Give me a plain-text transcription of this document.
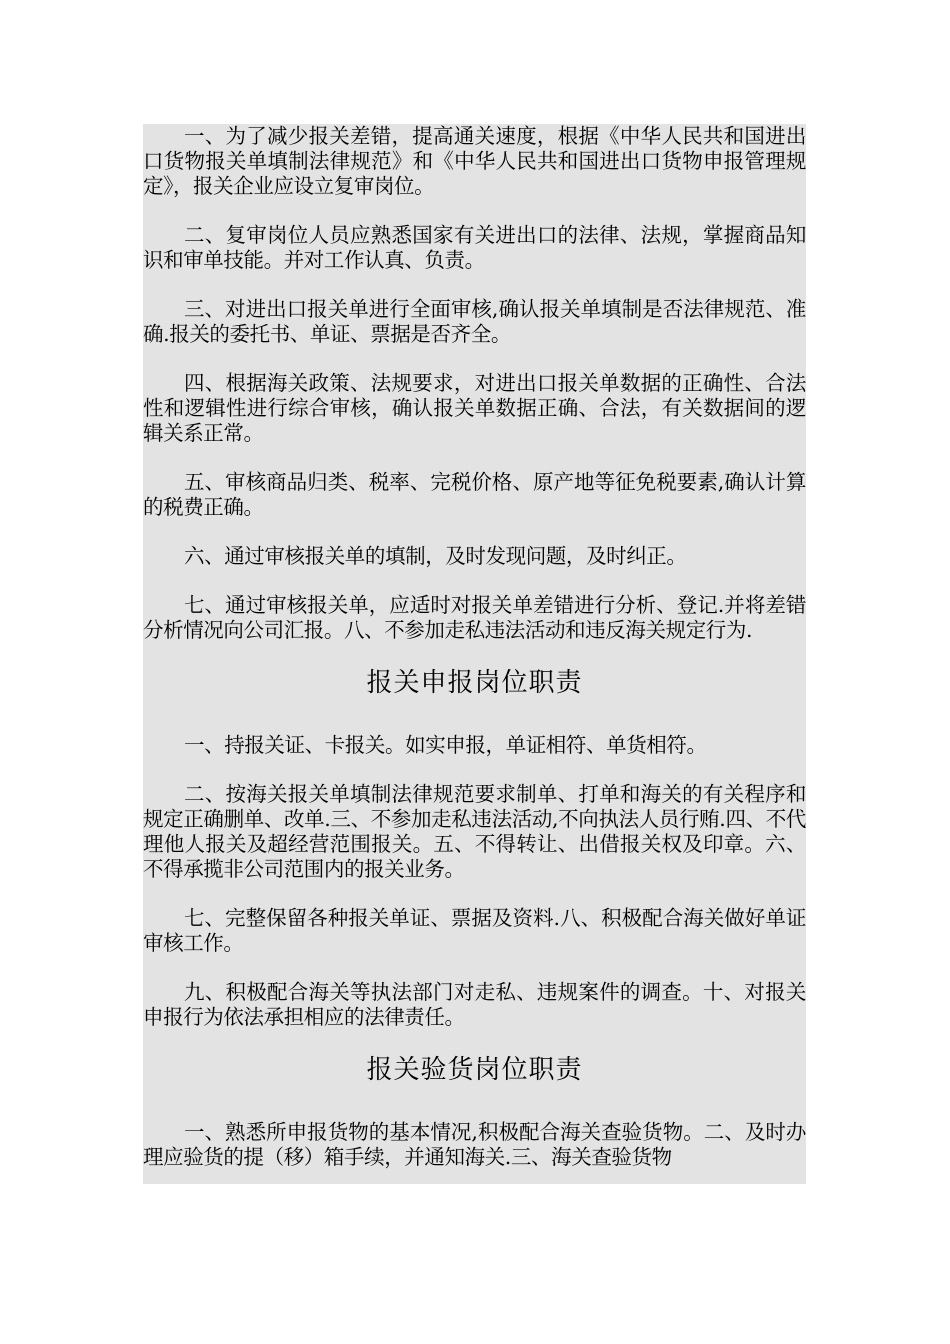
一、为了减少报关差错，提高通关速度，根据《中华人民共和国进出口货物报关单填制法律规范》和《中华人民共和国进出口货物申报管理规定》，报关企业应设立复审岗位。

二、复审岗位人员应熟悉国家有关进出口的法律、法规，掌握商品知识和审单技能。并对工作认真、负责。

三、对进出口报关单进行全面审核,确认报关单填制是否法律规范、准确.报关的委托书、单证、票据是否齐全。

四、根据海关政策、法规要求，对进出口报关单数据的正确性、合法性和逻辑性进行综合审核，确认报关单数据正确、合法，有关数据间的逻辑关系正常。

五、审核商品归类、税率、完税价格、原产地等征免税要素,确认计算的税费正确。

六、通过审核报关单的填制，及时发现问题，及时纠正。

七、通过审核报关单，应适时对报关单差错进行分析、登记.并将差错分析情况向公司汇报。八、不参加走私违法活动和违反海关规定行为.

报关申报岗位职责

一、持报关证、卡报关。如实申报，单证相符、单货相符。

二、按海关报关单填制法律规范要求制单、打单和海关的有关程序和规定正确删单、改单.三、不参加走私违法活动,不向执法人员行贿.四、不代理他人报关及超经营范围报关。五、不得转让、出借报关权及印章。六、不得承揽非公司范围内的报关业务。

七、完整保留各种报关单证、票据及资料.八、积极配合海关做好单证审核工作。

九、积极配合海关等执法部门对走私、违规案件的调查。十、对报关申报行为依法承担相应的法律责任。

报关验货岗位职责

一、熟悉所申报货物的基本情况,积极配合海关查验货物。二、及时办理应验货的提（移）箱手续，并通知海关.三、海关查验货物
